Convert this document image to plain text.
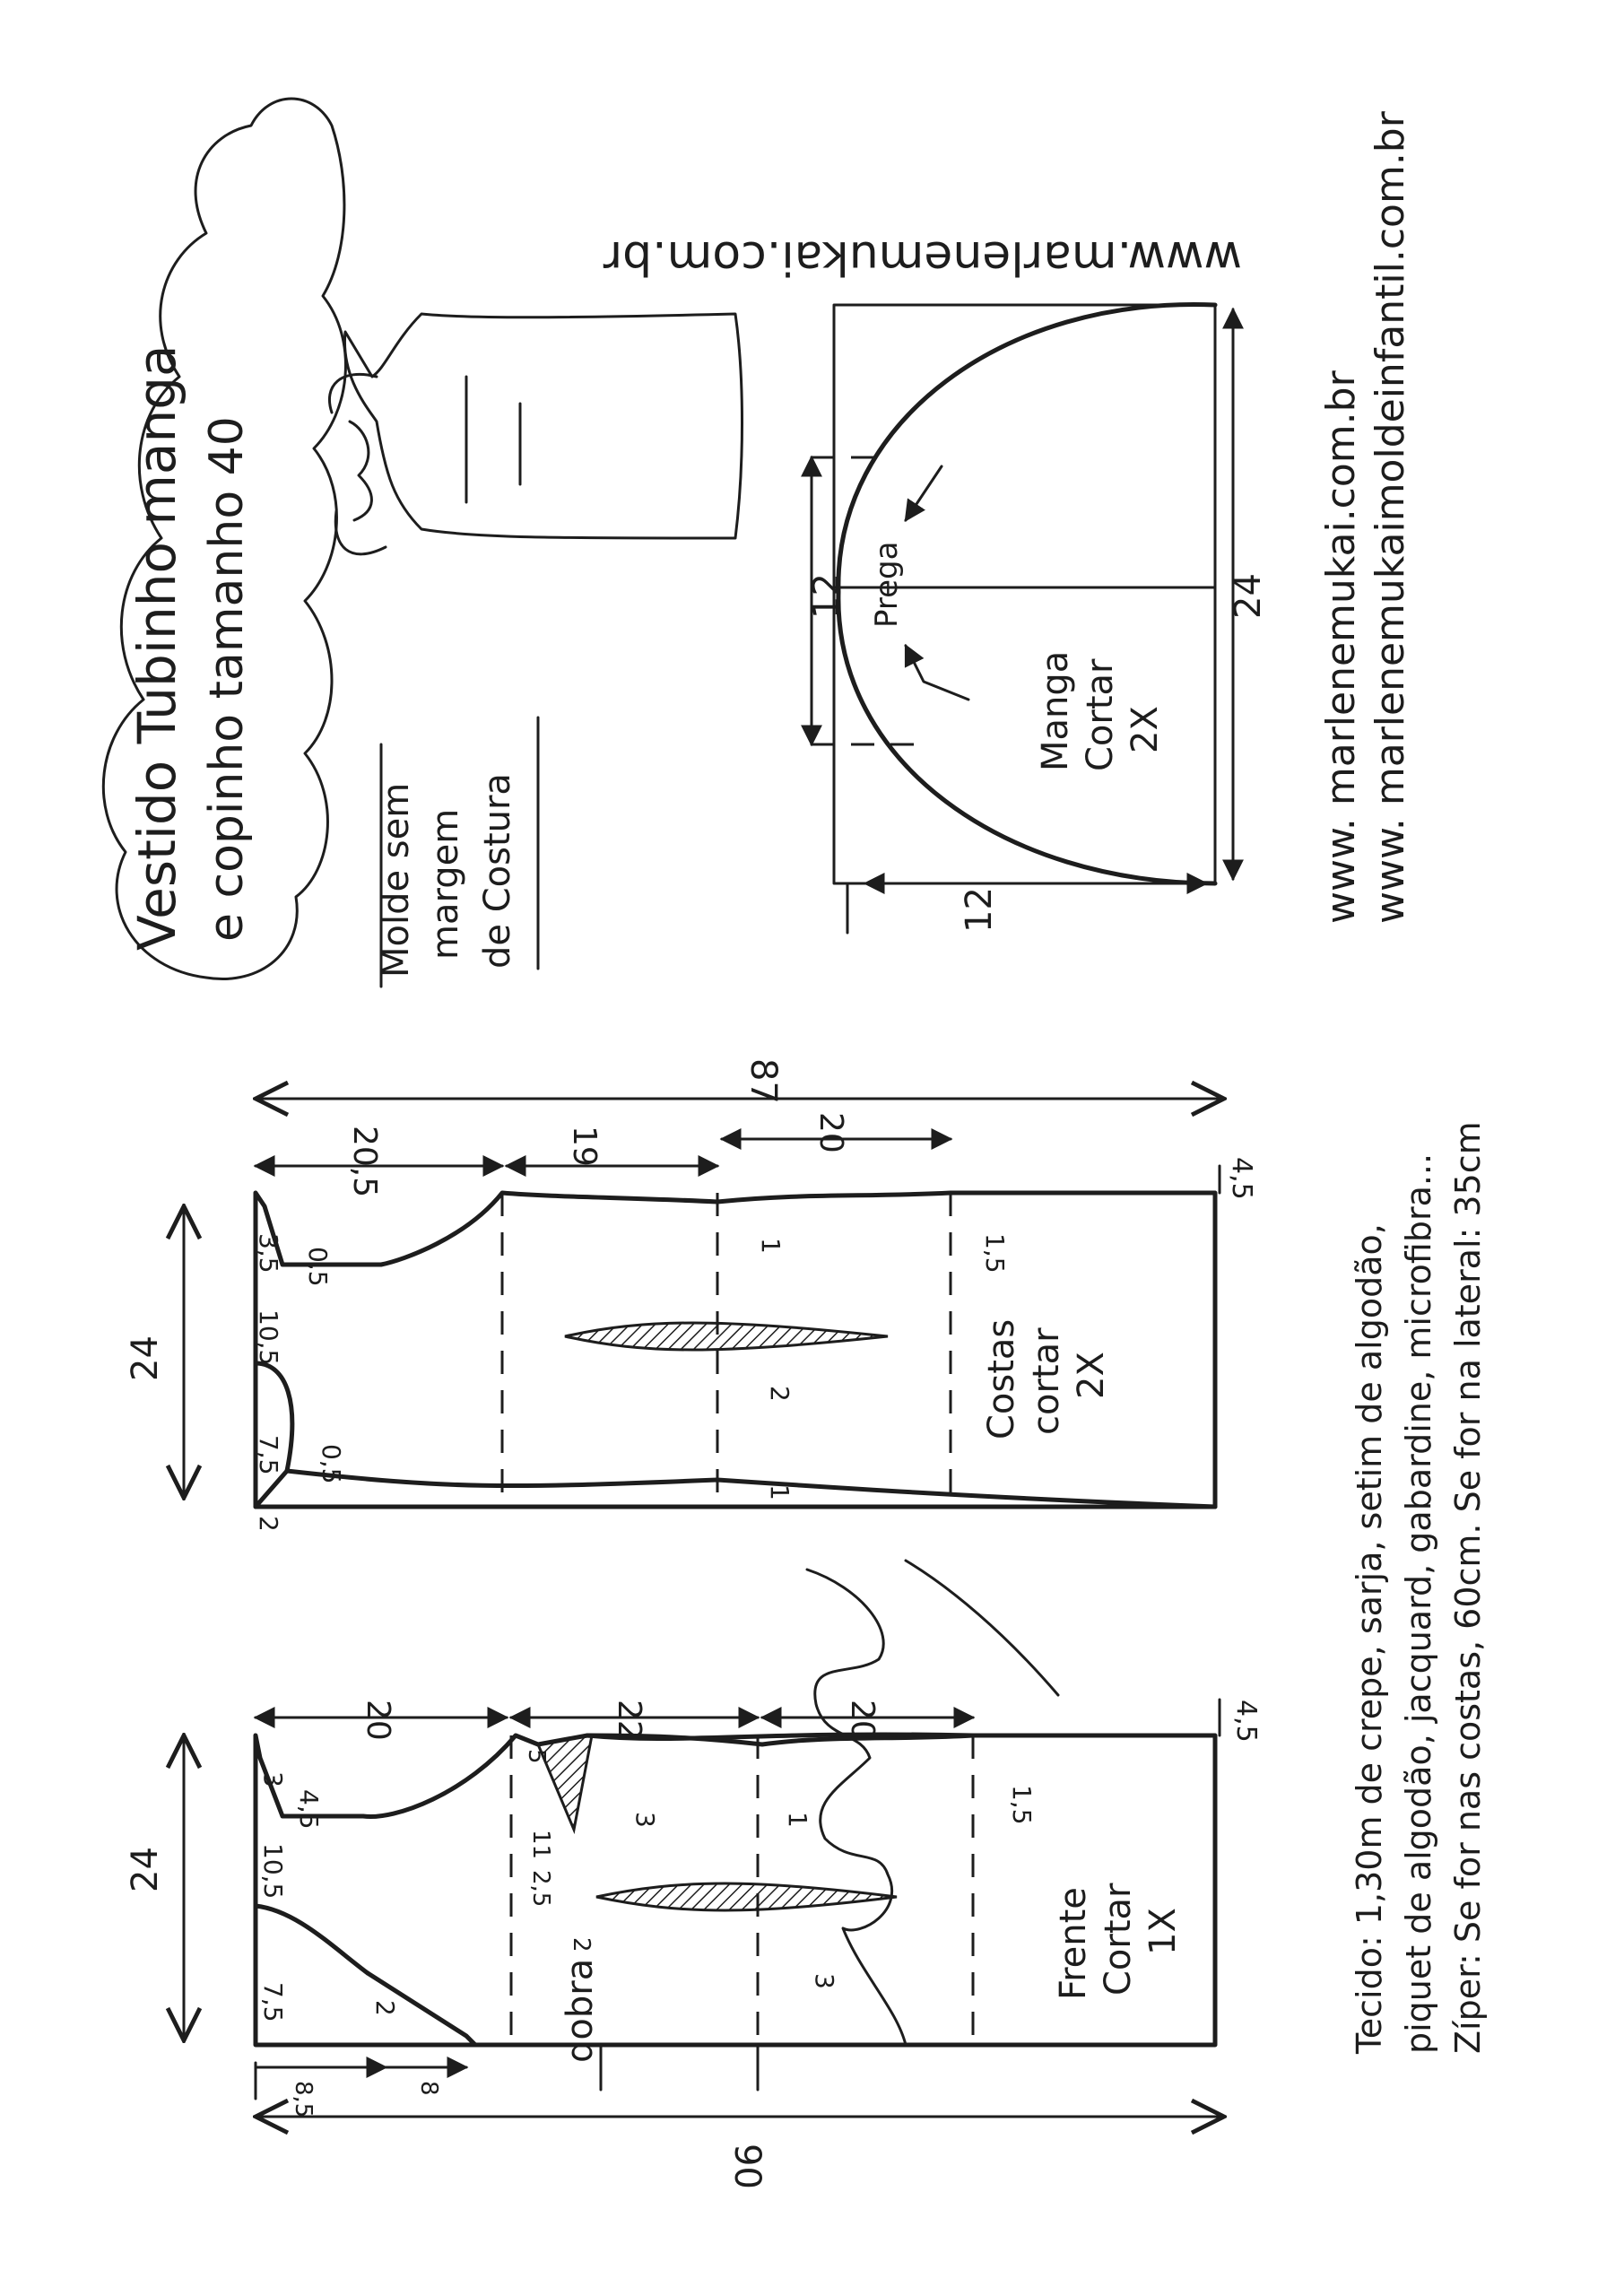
Vestido Tubinho manga e copinho tamanho 40	Molde sem margem de Costura
www.marlenemukai.com.br
12 Prega
12
24
Manga Cortar 2X	www. marlenemukai.com.br www. marlenemukaimoldeinfantil.com.br
87
24
20,5	19	20
4,5
3,5 0,5
10,5
7,5 0,5
2
1
2
1
1,5
Costas cortar 2X
90
24
20	22	20	4,5
dobra
8,5	8
2
3
4,5
10,5
7,5
5
11
2,5
2
3	1
3
1,5
Frente Cortar 1X	Tecido: 1,30m de crepe, sarja, setim de algodão, piquet de algodão, jacquard, gabardine, microfibra... Zíper: Se for nas costas, 60cm. Se for na lateral: 35cm
